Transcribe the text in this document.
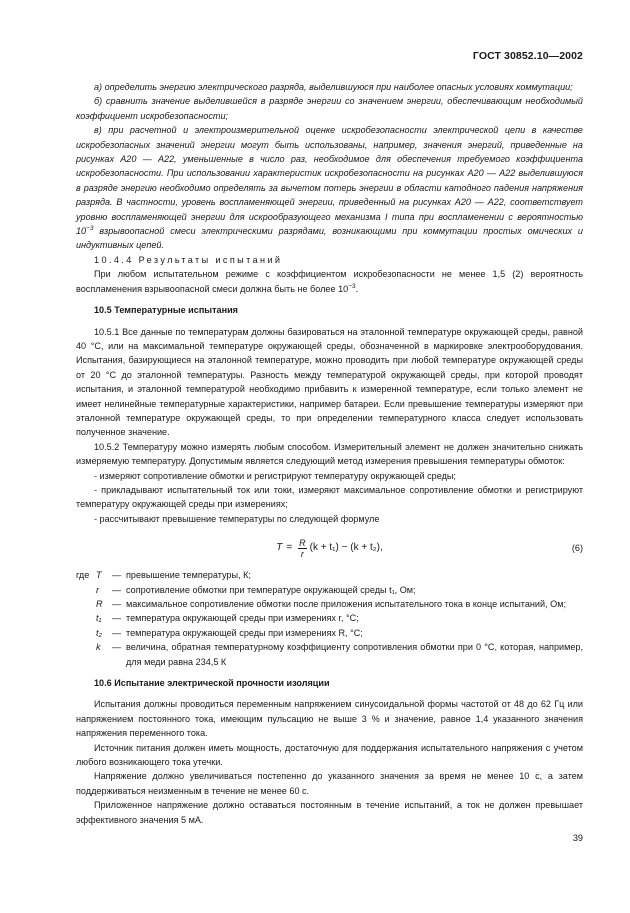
ГОСТ 30852.10—2002

а) определить энергию электрического разряда, выделившуюся при наиболее опасных условиях коммутации;

б) сравнить значение выделившейся в разряде энергии со значением энергии, обеспечивающим необходимый коэффициент искробезопасности;

в) при расчетной и электроизмерительной оценке искробезопасности электрической цепи в качестве искробезопасных значений энергии могут быть использованы, например, значения энергий, приведенные на рисунках А20 — А22, уменьшенные в число раз, необходимое для обеспечения требуемого коэффициента искробезопасности. При использовании характеристик искробезопасности на рисунках А20 — А22 выделившуюся в разряде энергию необходимо определять за вычетом потерь энергии в области катодного падения напряжения разряда. В частности, уровень воспламеняющей энергии, приведенный на рисунках А20 — А22, соответствует уровню воспламеняющей энергии для искрообразующего механизма I типа при воспламенении с вероятностью $10^{-3}$ взрывоопасной смеси электрическими разрядами, возникающими при коммутации простых омических и индуктивных цепей.

10.4.4 Результаты испытаний

При любом испытательном режиме с коэффициентом искробезопасности не менее 1,5 (2) вероятность воспламенения взрывоопасной смеси должна быть не более $10^{-3}$.

10.5 Температурные испытания

10.5.1 Все данные по температурам должны базироваться на эталонной температуре окружающей среды, равной 40 °С, или на максимальной температуре окружающей среды, обозначенной в маркировке электрооборудования. Испытания, базирующиеся на эталонной температуре, можно проводить при любой температуре окружающей среды от 20 °С до эталонной температуры. Разность между температурой окружающей среды, при которой проводят испытания, и эталонной температурой необходимо прибавить к измеренной температуре, если только элемент не имеет нелинейные температурные характеристики, например батареи. Если превышение температуры измеряют при эталонной температуре окружающей среды, то при определении температурного класса следует использовать полученное значение.

10.5.2 Температуру можно измерять любым способом. Измерительный элемент не должен значительно снижать измеряемую температуру. Допустимым является следующий метод измерения превышения температуры обмоток:

- измеряют сопротивление обмотки и регистрируют температуру окружающей среды;

- прикладывают испытательный ток или токи, измеряют максимальное сопротивление обмотки и регистрируют температуру окружающей среды при измерениях;

- рассчитывают превышение температуры по следующей формуле

$T = \frac{R}{r} (k + t_1) - (k + t_2)$,	(6)
где T	— превышение температуры, К;
r	— сопротивление обмотки при температуре окружающей среды t₁, Ом;
R	— максимальное сопротивление обмотки после приложения испытательного тока в конце испытаний, Ом;
t₁	— температура окружающей среды при измерениях r, °С;
t₂	— температура окружающей среды при измерениях R, °С;
k	— величина, обратная температурному коэффициенту сопротивления обмотки при 0 °С, которая, например, для меди равна 234,5 К

10.6 Испытание электрической прочности изоляции

Испытания должны проводиться переменным напряжением синусоидальной формы частотой от 48 до 62 Гц или напряжением постоянного тока, имеющим пульсацию не выше 3 % и значение, равное 1,4 указанного значения напряжения переменного тока.

Источник питания должен иметь мощность, достаточную для поддержания испытательного напряжения с учетом любого возникающего тока утечки.

Напряжение должно увеличиваться постепенно до указанного значения за время не менее 10 с, а затем поддерживаться неизменным в течение не менее 60 с.

Приложенное напряжение должно оставаться постоянным в течение испытаний, а ток не должен превышает эффективного значения 5 мА.

39
